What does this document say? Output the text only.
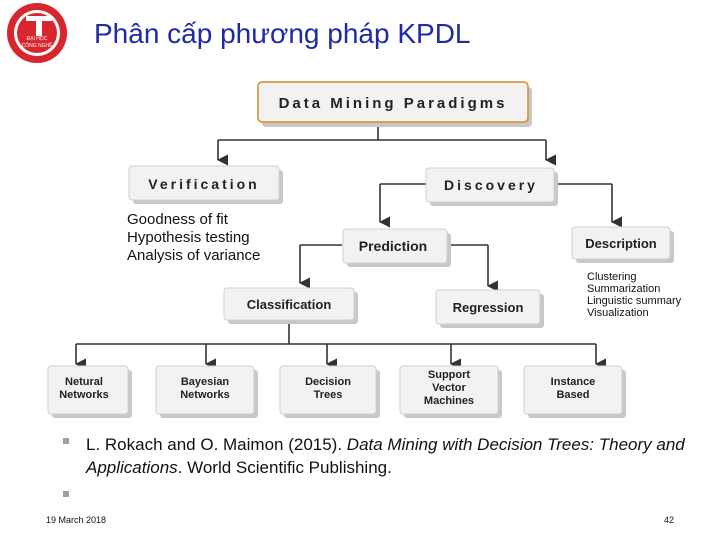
Data Mining Paradigms
Verification	Discovery
Goodness of fit
Hypothesis testing
Analysis of variance
Prediction	Description
Clustering
Summarization
Linguistic summary
Visualization
Classification	Regression
Netural
Networks
Bayesian
Networks
Decision
Trees
Support
Vector
Machines
Instance
Based
ĐẠI HỌC
CÔNG NGHỆ Phân cấp phương pháp KPDL
L. Rokach and O. Maimon (2015). Data Mining with Decision Trees: Theory and Applications. World Scientific Publishing.
19 March 2018	42
